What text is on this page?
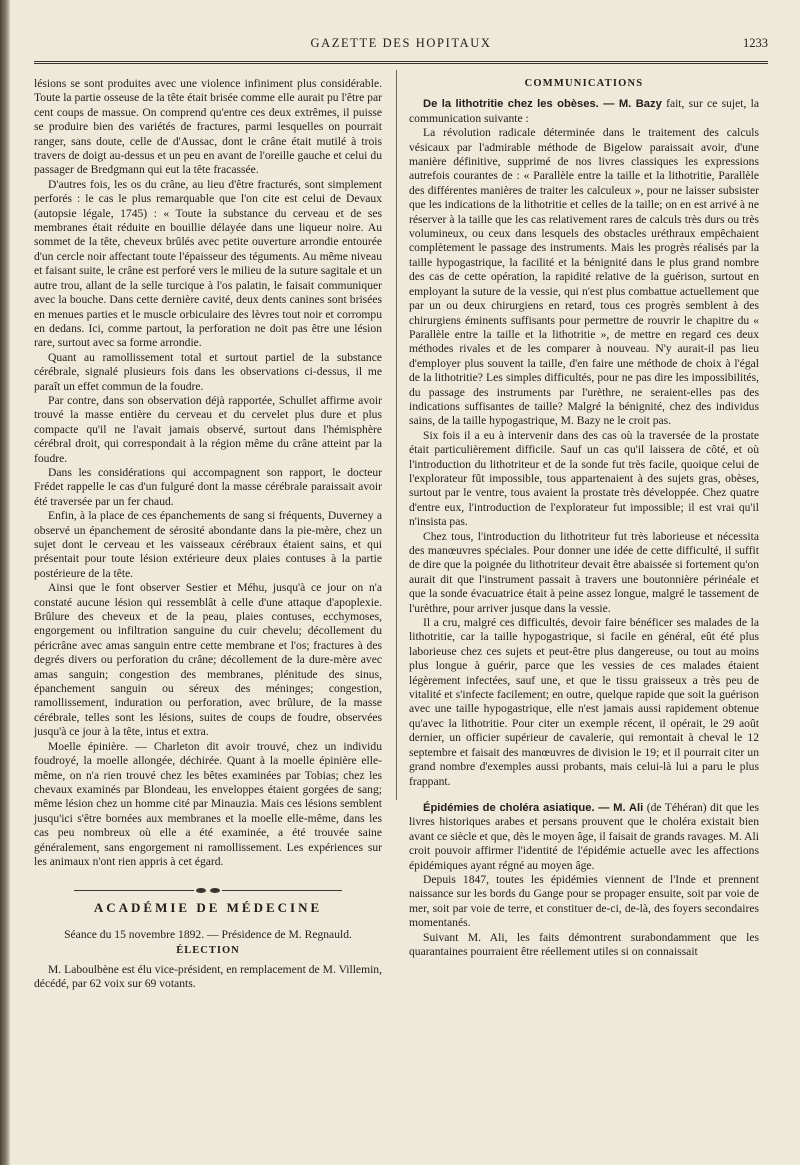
GAZETTE DES HOPITAUX	1233

lésions se sont produites avec une violence infiniment plus considérable. Toute la partie osseuse de la tête était brisée comme elle aurait pu l'être par cent coups de massue. On comprend qu'entre ces deux extrêmes, il puisse se produire bien des variétés de fractures, parmi lesquelles on pourrait ranger, sans doute, celle de d'Aussac, dont le crâne était mutilé à trois travers de doigt au-dessus et un peu en avant de l'oreille gauche et celui du passager de Bredgmann qui eut la tête fracassée.

D'autres fois, les os du crâne, au lieu d'être fracturés, sont simplement perforés : le cas le plus remarquable que l'on cite est celui de Devaux (autopsie légale, 1745) : « Toute la substance du cerveau et de ses membranes était réduite en bouillie délayée dans une liqueur noire. Au sommet de la tête, cheveux brûlés avec petite ouverture arrondie entourée d'un cercle noir affectant toute l'épaisseur des téguments. Au même niveau et faisant suite, le crâne est perforé vers le milieu de la suture sagitale et un autre trou, allant de la selle turcique à l'os palatin, le faisait communiquer avec la bouche. Dans cette dernière cavité, deux dents canines sont brisées en menues parties et le muscle orbiculaire des lèvres tout noir et corrompu en dedans. Ici, comme partout, la perforation ne doit pas être une lésion rare, surtout avec sa forme arrondie.

Quant au ramollissement total et surtout partiel de la substance cérébrale, signalé plusieurs fois dans les observations ci-dessus, il me paraît un effet commun de la foudre.

Par contre, dans son observation déjà rapportée, Schullet affirme avoir trouvé la masse entière du cerveau et du cervelet plus dure et plus compacte qu'il ne l'avait jamais observé, surtout dans l'hémisphère cérébral droit, qui correspondait à la région même du crâne atteint par la foudre.

Dans les considérations qui accompagnent son rapport, le docteur Frédet rappelle le cas d'un fulguré dont la masse cérébrale paraissait avoir été traversée par un fer chaud.

Enfin, à la place de ces épanchements de sang si fréquents, Duverney a observé un épanchement de sérosité abondante dans la pie-mère, chez un sujet dont le cerveau et les vaisseaux cérébraux étaient sains, et qui présentait pour toute lésion extérieure deux plaies contuses à la partie postérieure de la tête.

Ainsi que le font observer Sestier et Méhu, jusqu'à ce jour on n'a constaté aucune lésion qui ressemblât à celle d'une attaque d'apoplexie. Brûlure des cheveux et de la peau, plaies contuses, ecchymoses, engorgement ou infiltration sanguine du cuir chevelu; décollement du péricrâne avec amas sanguin entre cette membrane et l'os; fractures à des degrés divers ou perforation du crâne; décollement de la dure-mère avec amas sanguin; congestion des membranes, plénitude des sinus, épanchement sanguin ou séreux des méninges; congestion, ramollissement, induration ou perforation, avec brûlure, de la masse cérébrale, telles sont les lésions, suites de coups de foudre, observées jusqu'à ce jour à la tête, intus et extra.

Moelle épinière. — Charleton dit avoir trouvé, chez un individu foudroyé, la moelle allongée, déchirée. Quant à la moelle épinière elle-même, on n'a rien trouvé chez les bêtes examinées par Tobias; chez les chevaux examinés par Blondeau, les enveloppes étaient gorgées de sang; même lésion chez un homme cité par Minauzia. Mais ces lésions semblent jusqu'ici s'être bornées aux membranes et la moelle elle-même, dans les cas peu nombreux où elle a été examinée, a été trouvée saine généralement, sans engorgement ni ramollissement. Les expériences sur les animaux n'ont rien appris à cet égard.

ACADÉMIE DE MÉDECINE

Séance du 15 novembre 1892. — Présidence de M. Regnauld.

ÉLECTION

M. Laboulbène est élu vice-président, en remplacement de M. Villemin, décédé, par 62 voix sur 69 votants.

COMMUNICATIONS

De la lithotritie chez les obèses. — M. Bazy fait, sur ce sujet, la communication suivante :

La révolution radicale déterminée dans le traitement des calculs vésicaux par l'admirable méthode de Bigelow paraissait avoir, d'une manière définitive, supprimé de nos livres classiques les expressions autrefois courantes de : « Parallèle entre la taille et la lithotritie, Parallèle des différentes manières de traiter les calculeux », pour ne laisser subsister que les indications de la lithotritie et celles de la taille; on en est arrivé à ne réserver à la taille que les cas relativement rares de calculs très durs ou très volumineux, ou ceux dans lesquels des obstacles uréthraux empêchaient complètement le passage des instruments. Mais les progrès réalisés par la taille hypogastrique, la facilité et la bénignité dans le plus grand nombre des cas de cette opération, la rapidité relative de la guérison, surtout en employant la suture de la vessie, qui n'est plus combattue actuellement que par un ou deux chirurgiens en retard, tous ces progrès semblent à des chirurgiens éminents suffisants pour permettre de rouvrir le chapitre du « Parallèle entre la taille et la lithotritie », de mettre en regard ces deux méthodes rivales et de les comparer à nouveau. N'y aurait-il pas lieu d'employer plus souvent la taille, d'en faire une méthode de choix à l'égal de la lithotritie? Les simples difficultés, pour ne pas dire les impossibilités, du passage des instruments par l'urèthre, ne seraient-elles pas des indications suffisantes de taille? Malgré la bénignité, chez des individus sains, de la taille hypogastrique, M. Bazy ne le croit pas.

Six fois il a eu à intervenir dans des cas où la traversée de la prostate était particulièrement difficile. Sauf un cas qu'il laissera de côté, et où l'introduction du lithotriteur et de la sonde fut très facile, quoique celui de l'explorateur fût impossible, tous appartenaient à des sujets gras, obèses, surtout par le ventre, tous avaient la prostate très développée. Chez quatre d'entre eux, l'introduction de l'explorateur fut impossible; il est vrai qu'il n'insista pas.

Chez tous, l'introduction du lithotriteur fut très laborieuse et nécessita des manœuvres spéciales. Pour donner une idée de cette difficulté, il suffit de dire que la poignée du lithotriteur devait être abaissée si fortement qu'on aurait dit que l'instrument passait à travers une boutonnière périnéale et que la sonde évacuatrice était à peine assez longue, malgré le tassement de l'urèthre, pour arriver jusque dans la vessie.

Il a cru, malgré ces difficultés, devoir faire bénéficer ses malades de la lithotritie, car la taille hypogastrique, si facile en général, eût été plus laborieuse chez ces sujets et peut-être plus dangereuse, ou tout au moins plus longue à guérir, parce que les vessies de ces malades étaient légèrement infectées, sauf une, et que le tissu graisseux a très peu de vitalité et s'infecte facilement; en outre, quelque rapide que soit la guérison avec une taille hypogastrique, elle n'est jamais aussi rapidement obtenue qu'avec la lithotritie. Pour citer un exemple récent, il opérait, le 29 août dernier, un officier supérieur de cavalerie, qui remontait à cheval le 12 septembre et faisait des manœuvres de division le 19; et il pourrait citer un grand nombre d'exemples aussi probants, mais celui-là lui a paru le plus frappant.

Épidémies de choléra asiatique. — M. Ali (de Téhéran) dit que les livres historiques arabes et persans prouvent que le choléra existait bien avant ce siècle et que, dès le moyen âge, il faisait de grands ravages. M. Ali croit pouvoir affirmer l'identité de l'épidémie actuelle avec les affections épidémiques ayant régné au moyen âge.

Depuis 1847, toutes les épidémies viennent de l'Inde et prennent naissance sur les bords du Gange pour se propager ensuite, soit par voie de mer, soit par voie de terre, et constituer de-ci, de-là, des foyers secondaires momentanés.

Suivant M. Ali, les faits démontrent surabondamment que les quarantaines pourraient être réellement utiles si on connaissait
